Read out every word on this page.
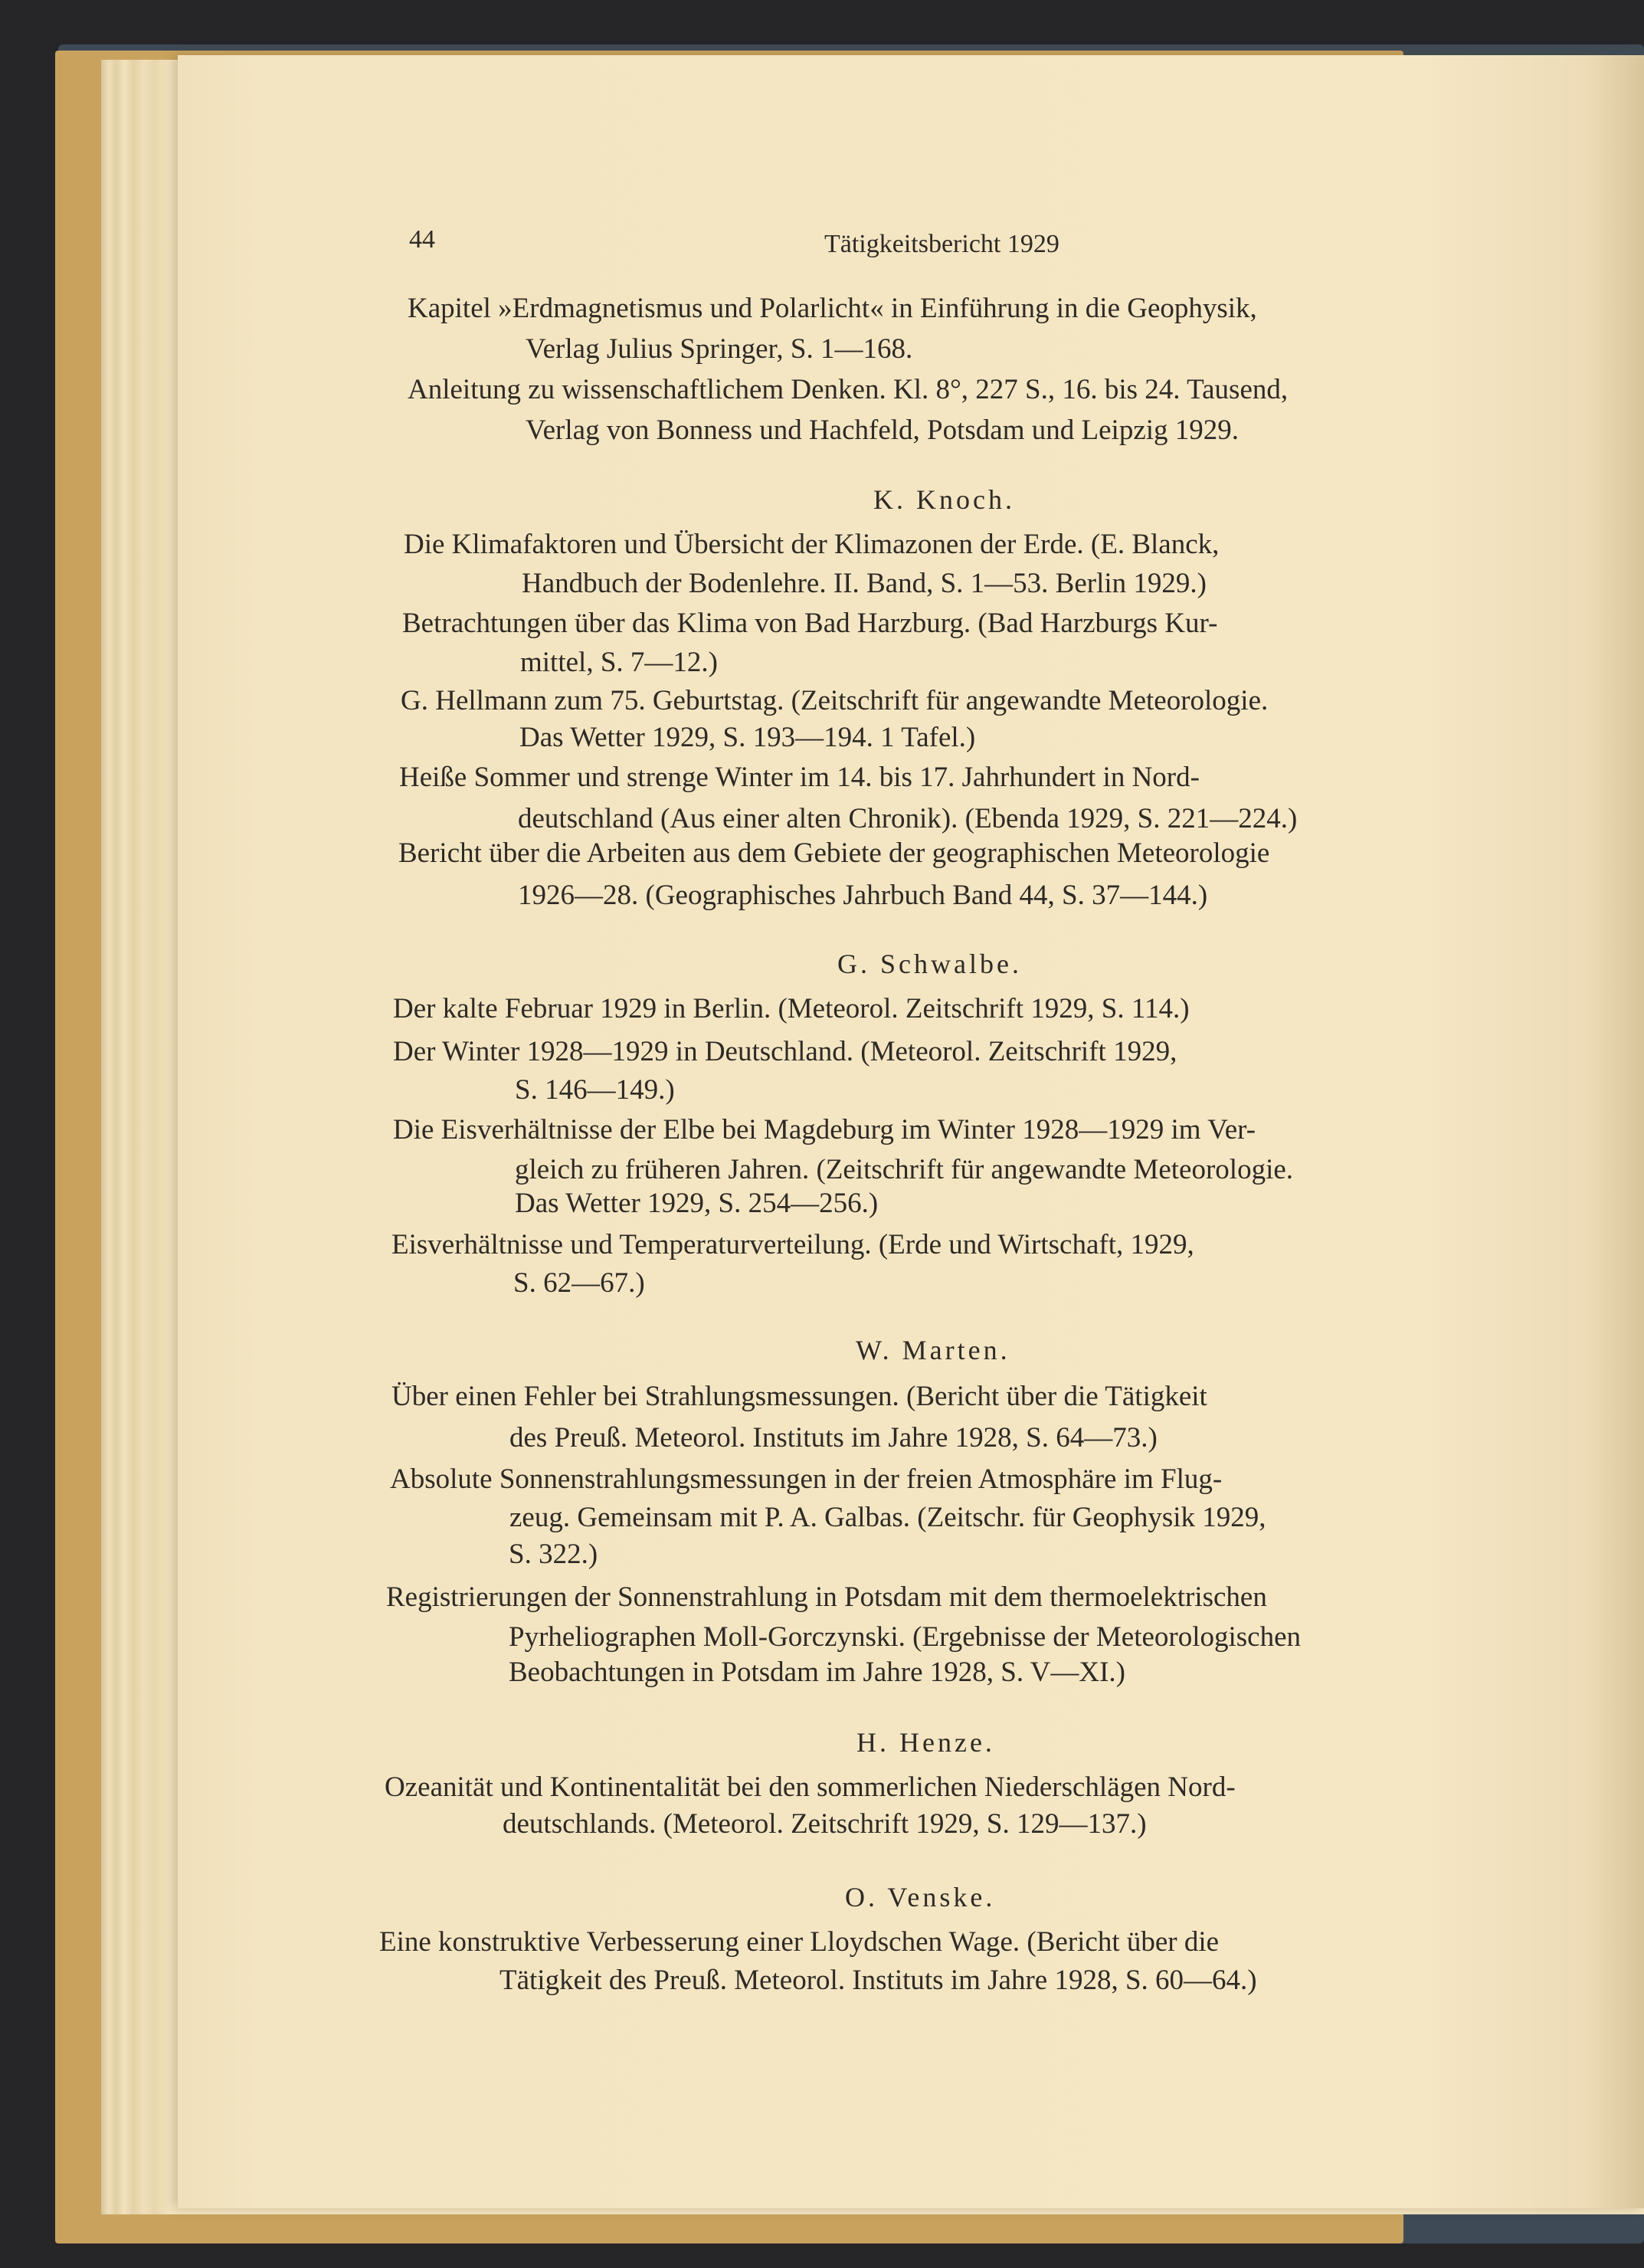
44	Tätigkeitsbericht 1929
Kapitel »Erdmagnetismus und Polarlicht« in Einführung in die Geophysik,
Verlag Julius Springer, S. 1—168.
Anleitung zu wissenschaftlichem Denken. Kl. 8°, 227 S., 16. bis 24. Tausend,
Verlag von Bonness und Hachfeld, Potsdam und Leipzig 1929.
K. Knoch.
Die Klimafaktoren und Übersicht der Klimazonen der Erde. (E. Blanck,
Handbuch der Bodenlehre. II. Band, S. 1—53. Berlin 1929.)
Betrachtungen über das Klima von Bad Harzburg. (Bad Harzburgs Kur-
mittel, S. 7—12.)
G. Hellmann zum 75. Geburtstag. (Zeitschrift für angewandte Meteorologie.
Das Wetter 1929, S. 193—194. 1 Tafel.)
Heiße Sommer und strenge Winter im 14. bis 17. Jahrhundert in Nord-
deutschland (Aus einer alten Chronik). (Ebenda 1929, S. 221—224.)
Bericht über die Arbeiten aus dem Gebiete der geographischen Meteorologie
1926—28. (Geographisches Jahrbuch Band 44, S. 37—144.)
G. Schwalbe.
Der kalte Februar 1929 in Berlin. (Meteorol. Zeitschrift 1929, S. 114.)
Der Winter 1928—1929 in Deutschland. (Meteorol. Zeitschrift 1929,
S. 146—149.)
Die Eisverhältnisse der Elbe bei Magdeburg im Winter 1928—1929 im Ver-
gleich zu früheren Jahren. (Zeitschrift für angewandte Meteorologie.
Das Wetter 1929, S. 254—256.)
Eisverhältnisse und Temperaturverteilung. (Erde und Wirtschaft, 1929,
S. 62—67.)
W. Marten.
Über einen Fehler bei Strahlungsmessungen. (Bericht über die Tätigkeit
des Preuß. Meteorol. Instituts im Jahre 1928, S. 64—73.)
Absolute Sonnenstrahlungsmessungen in der freien Atmosphäre im Flug-
zeug. Gemeinsam mit P. A. Galbas. (Zeitschr. für Geophysik 1929,
S. 322.)
Registrierungen der Sonnenstrahlung in Potsdam mit dem thermoelektrischen
Pyrheliographen Moll-Gorczynski. (Ergebnisse der Meteorologischen
Beobachtungen in Potsdam im Jahre 1928, S. V—XI.)
H. Henze.
Ozeanität und Kontinentalität bei den sommerlichen Niederschlägen Nord-
deutschlands. (Meteorol. Zeitschrift 1929, S. 129—137.)
O. Venske.
Eine konstruktive Verbesserung einer Lloydschen Wage. (Bericht über die
Tätigkeit des Preuß. Meteorol. Instituts im Jahre 1928, S. 60—64.)
